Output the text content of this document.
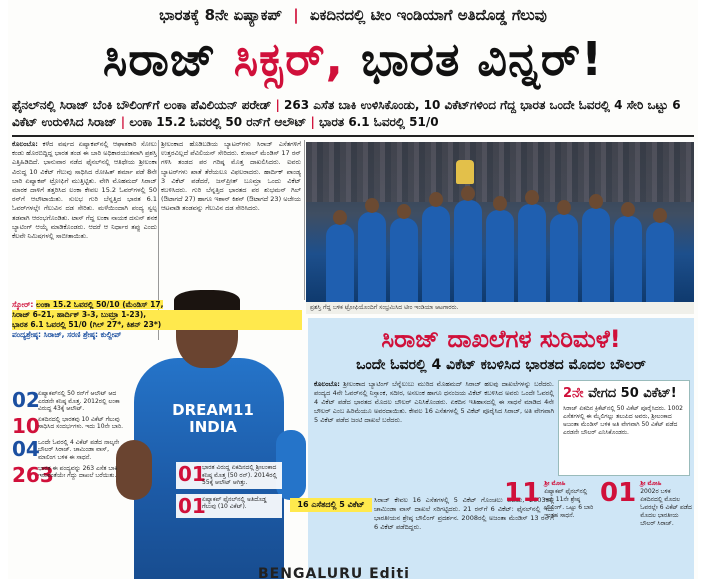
ಭಾರತಕ್ಕೆ 8ನೇ ಏಷ್ಯಾಕಪ್ | ಏಕದಿನದಲ್ಲಿ ಟೀಂ ಇಂಡಿಯಾಗೆ ಅತಿದೊಡ್ಡ ಗೆಲುವು
ಸಿರಾಜ್ ಸಿಕ್ಸರ್, ಭಾರತ ವಿನ್ನರ್!
ಫೈನಲ್‌ನಲ್ಲಿ ಸಿರಾಜ್ ಬೆಂಕಿ ಬೌಲಿಂಗ್‌ಗೆ ಲಂಕಾ ಪೆವಿಲಿಯನ್ ಪರೇಡ್ | 263 ಎಸೆತ ಬಾಕಿ ಉಳಿಸಿಕೊಂಡು, 10 ವಿಕೆಟ್‌ಗಳಿಂದ ಗೆದ್ದ ಭಾರತ ಒಂದೇ ಓವರಲ್ಲಿ 4 ಸೇರಿ ಒಟ್ಟು 6 ವಿಕೆಟ್ ಉರುಳಿಸಿದ ಸಿರಾಜ್ | ಲಂಕಾ 15.2 ಓವರಲ್ಲಿ 50 ರನ್‌ಗೆ ಆಲೌಟ್ | ಭಾರತ 6.1 ಓವರಲ್ಲಿ 51/0
ಕೊಲಂಬೊ: ಕಳೆದ ವರ್ಷದ ಏಷ್ಯಾಕಪ್‌ನಲ್ಲಿ ಆಘಾತಕಾರಿ ಸೋಲು ಕಂಡು ಹೊರಬಿದ್ದಿದ್ದ ಭಾರತ ತಂಡ ಈ ಬಾರಿ ಅಧಿಕಾರಯುತವಾಗಿ ಪ್ರಶಸ್ತಿ ಎತ್ತಿಹಿಡಿದಿದೆ. ಭಾನುವಾರ ನಡೆದ ಫೈನಲ್‌ನಲ್ಲಿ ಆತಿಥೇಯ ಶ್ರೀಲಂಕಾ ವಿರುದ್ಧ 10 ವಿಕೆಟ್ ಗೆಲುವು ಸಾಧಿಸಿದ ರೋಹಿತ್ ಶರ್ಮಾ ಪಡೆ 8ನೇ ಬಾರಿ ಏಷ್ಯಾಕಪ್ ಟ್ರೋಫಿಗೆ ಮುತ್ತಿಟ್ಟಿತು. ವೇಗಿ ಮೊಹಮದ್ ಸಿರಾಜ್ ಮಾರಕ ದಾಳಿಗೆ ತತ್ತರಿಸಿದ ಲಂಕಾ ಕೇವಲ 15.2 ಓವರ್‌ಗಳಲ್ಲಿ 50 ರನ್‌ಗೆ ಆಲೌಟಾಯಿತು. ಸುಲಭ ಗುರಿ ಬೆನ್ನತ್ತಿದ ಭಾರತ 6.1 ಓವರ್‌ಗಳಲ್ಲೇ ಗೆಲುವಿನ ದಡ ಸೇರಿತು. ಮಳೆಯಿಂದಾಗಿ ಪಂದ್ಯ ಸ್ವಲ್ಪ ತಡವಾಗಿ ಆರಂಭಗೊಂಡಿತು. ಟಾಸ್ ಗೆದ್ದ ಲಂಕಾ ನಾಯಕ ದಸುನ್ ಶನಕ ಬ್ಯಾಟಿಂಗ್ ಆಯ್ಕೆ ಮಾಡಿಕೊಂಡರು. ಆದರೆ ಆ ನಿರ್ಧಾರ ತಪ್ಪು ಎಂದು ಕೆಲವೇ ನಿಮಿಷಗಳಲ್ಲಿ ಸಾಬೀತಾಯಿತು.
ಶ್ರೀಲಂಕಾದ ಹೊಡಿಬಡಿಯ ಬ್ಯಾಟರ್‌ಗಳು ಸಿರಾಜ್ ಎಸೆತಗಳಿಗೆ ಉತ್ತರವಿಲ್ಲದೆ ಪೆವಿಲಿಯನ್ ಸೇರಿದರು. ಕುಸಾಲ್ ಮೆಂಡಿಸ್ 17 ರನ್ ಗಳಿಸಿ ತಂಡದ ಪರ ಗರಿಷ್ಠ ಮೊತ್ತ ದಾಖಲಿಸಿದರು. ಐವರು ಬ್ಯಾಟರ್‌ಗಳು ಖಾತೆ ತೆರೆಯಲೂ ವಿಫಲರಾದರು. ಹಾರ್ದಿಕ್ ಪಾಂಡ್ಯ 3 ವಿಕೆಟ್ ಪಡೆದರೆ, ಜಸ್‌ಪ್ರೀತ್ ಬೂಮ್ರಾ ಒಂದು ವಿಕೆಟ್ ಕಬಳಿಸಿದರು. ಗುರಿ ಬೆನ್ನತ್ತಿದ ಭಾರತದ ಪರ ಶುಭಮನ್ ಗಿಲ್ (ಔಟಾಗದೆ 27) ಹಾಗೂ ಇಶಾನ್ ಕಿಶನ್ (ಔಟಾಗದೆ 23) ಅಜೇಯ ಆಟವಾಡಿ ತಂಡವನ್ನು ಗೆಲುವಿನ ದಡ ಸೇರಿಸಿದರು.
ಪ್ರಶಸ್ತಿ ಗೆದ್ದ ಬಳಿಕ ಟ್ರೋಫಿಯೊಂದಿಗೆ ಸಂಭ್ರಮಿಸಿದ ಟೀಂ ಇಂಡಿಯಾ ಆಟಗಾರರು.
DREAM11
INDIA
ಸ್ಕೋರ್: ಲಂಕಾ 15.2 ಓವರಲ್ಲಿ 50/10 (ಮೆಂಡಿಸ್ 17,
ಸಿರಾಜ್ 6-21, ಹಾರ್ದಿಕ್ 3-3, ಬುಮ್ರಾ 1-23),
ಭಾರತ 6.1 ಓವರಲ್ಲಿ 51/0 (ಗಿಲ್ 27*, ಕಿಶನ್ 23*)
ಪಂದ್ಯಶ್ರೇಷ್ಠ: ಸಿರಾಜ್, ಸರಣಿ ಶ್ರೇಷ್ಠ: ಕುಲ್ದೀಪ್
02
ಏಷ್ಯಾಕಪ್‌ನಲ್ಲಿ 50 ರನ್‌ಗೆ ಆಲೌಟ್ ಆದ ಎರಡನೇ ಕನಿಷ್ಠ ಮೊತ್ತ. 2012ರಲ್ಲಿ ಲಂಕಾ ವಿರುದ್ಧ 43ಕ್ಕೆ ಆಲೌಟ್.
10
ಏಕದಿನದಲ್ಲಿ ಭಾರತವು 10 ವಿಕೆಟ್ ಗೆಲುವು ಸಾಧಿಸಿದ ಸಂದರ್ಭಗಳು. ಇದು 10ನೇ ಬಾರಿ.
04
ಒಂದೇ ಓವರಲ್ಲಿ 4 ವಿಕೆಟ್ ಪಡೆದ ನಾಲ್ಕನೇ ಬೌಲರ್ ಸಿರಾಜ್. ಚಾಮಿಂಡಾ ವಾಸ್, ಮಾಲಿಂಗ ಬಳಿಕ ಈ ಸಾಧನೆ.
263
ಭಾರತ ಈ ಪಂದ್ಯವನ್ನು 263 ಎಸೆತ ಬಾಕಿ ಇರುವಂತೆಯೇ ಗೆದ್ದು ದಾಖಲೆ ಬರೆಯಿತು.	01
ಭಾರತ ವಿರುದ್ಧ ಏಕದಿನದಲ್ಲಿ ಶ್ರೀಲಂಕಾದ ಕನಿಷ್ಠ ಮೊತ್ತ (50 ರನ್). 2014ರಲ್ಲಿ 55ಕ್ಕೆ ಆಲೌಟ್ ಆಗಿತ್ತು.
01
ಏಷ್ಯಾಕಪ್ ಫೈನಲ್‌ನಲ್ಲಿ ಅತಿದೊಡ್ಡ ಗೆಲುವು (10 ವಿಕೆಟ್).
ಸಿರಾಜ್ ದಾಖಲೆಗಳ ಸುರಿಮಳೆ!
ಒಂದೇ ಓವರಲ್ಲಿ 4 ವಿಕೆಟ್ ಕಬಳಿಸಿದ ಭಾರತದ ಮೊದಲ ಬೌಲರ್
ಕೊಲಂಬೊ: ಶ್ರೀಲಂಕಾದ ಬ್ಯಾಟಿಂಗ್ ಬೆನ್ನೆಲುಬು ಮುರಿದ ಮೊಹಮದ್ ಸಿರಾಜ್ ಹಲವು ದಾಖಲೆಗಳನ್ನು ಬರೆದರು. ಪಂದ್ಯದ 4ನೇ ಓವರ್‌ನಲ್ಲಿ ನಿಸ್ಸಾಂಕ, ಸದೀರ, ಅಸಲಂಕ ಹಾಗೂ ಧನಂಜಯ ವಿಕೆಟ್ ಕಬಳಿಸಿದ ಅವರು ಒಂದೇ ಓವರಲ್ಲಿ 4 ವಿಕೆಟ್ ಪಡೆದ ಭಾರತದ ಮೊದಲ ಬೌಲರ್ ಎನಿಸಿಕೊಂಡರು. ಏಕದಿನ ಇತಿಹಾಸದಲ್ಲಿ ಈ ಸಾಧನೆ ಮಾಡಿದ 4ನೇ ಬೌಲರ್ ಎಂಬ ಹಿರಿಮೆಯೂ ಅವರದಾಯಿತು. ಕೇವಲ 16 ಎಸೆತಗಳಲ್ಲಿ 5 ವಿಕೆಟ್ ಪೂರೈಸಿದ ಸಿರಾಜ್, ಅತಿ ವೇಗವಾಗಿ 5 ವಿಕೆಟ್ ಪಡೆದ ಜಂಟಿ ದಾಖಲೆ ಬರೆದರು.
2ನೇ ವೇಗದ 50 ವಿಕೆಟ್!
ಸಿರಾಜ್ ಏಕದಿನ ಕ್ರಿಕೆಟ್‌ನಲ್ಲಿ 50 ವಿಕೆಟ್ ಪೂರೈಸಿದರು. 1002 ಎಸೆತಗಳಲ್ಲಿ ಈ ಮೈಲಿಗಲ್ಲು ತಲುಪಿದ ಅವರು, ಶ್ರೀಲಂಕಾದ ಅಜಂತಾ ಮೆಂಡಿಸ್ ಬಳಿಕ ಅತಿ ವೇಗವಾಗಿ 50 ವಿಕೆಟ್ ಪಡೆದ ಎರಡನೇ ಬೌಲರ್ ಎನಿಸಿಕೊಂಡರು.
ಸಿರಾಜ್ ಕೇವಲ 16 ಎಸೆತಗಳಲ್ಲಿ 5 ವಿಕೆಟ್ ಗೊಂಚಲು ಪಡೆದು, 2003ರಲ್ಲಿ ಚಾಮಿಂಡಾ ವಾಸ್ ದಾಖಲೆ ಸರಿಗಟ್ಟಿದರು. 21 ರನ್‌ಗೆ 6 ವಿಕೆಟ್: ಫೈನಲ್‌ನಲ್ಲಿ ಇದು ಭಾರತೀಯನ ಶ್ರೇಷ್ಠ ಬೌಲಿಂಗ್ ಪ್ರದರ್ಶನ. 2008ರಲ್ಲಿ ಅಜಂತಾ ಮೆಂಡಿಸ್ 13 ರನ್‌ಗೆ 6 ವಿಕೆಟ್ ಪಡೆದಿದ್ದರು.
11 ಶ್ರೀ ಮೋಹಿ
ಏಷ್ಯಾಕಪ್ ಫೈನಲ್‌ನಲ್ಲಿ ಇದು 11ನೇ ಶ್ರೇಷ್ಠ ಬೌಲಿಂಗ್. ಒಟ್ಟು 6 ಬಾರಿ ಇಂತಹ ಸಾಧನೆ.
01 ಶ್ರೀ ಮೋಹಿ
2002ರ ಬಳಿಕ ಏಕದಿನದಲ್ಲಿ ಮೊದಲ ಓವರಲ್ಲೇ 6 ವಿಕೆಟ್ ಪಡೆದ ಮೊದಲ ಭಾರತೀಯ ಬೌಲರ್ ಸಿರಾಜ್.
16 ಎಸೆತದಲ್ಲಿ 5 ವಿಕೆಟ್
BENGALURU Editi
